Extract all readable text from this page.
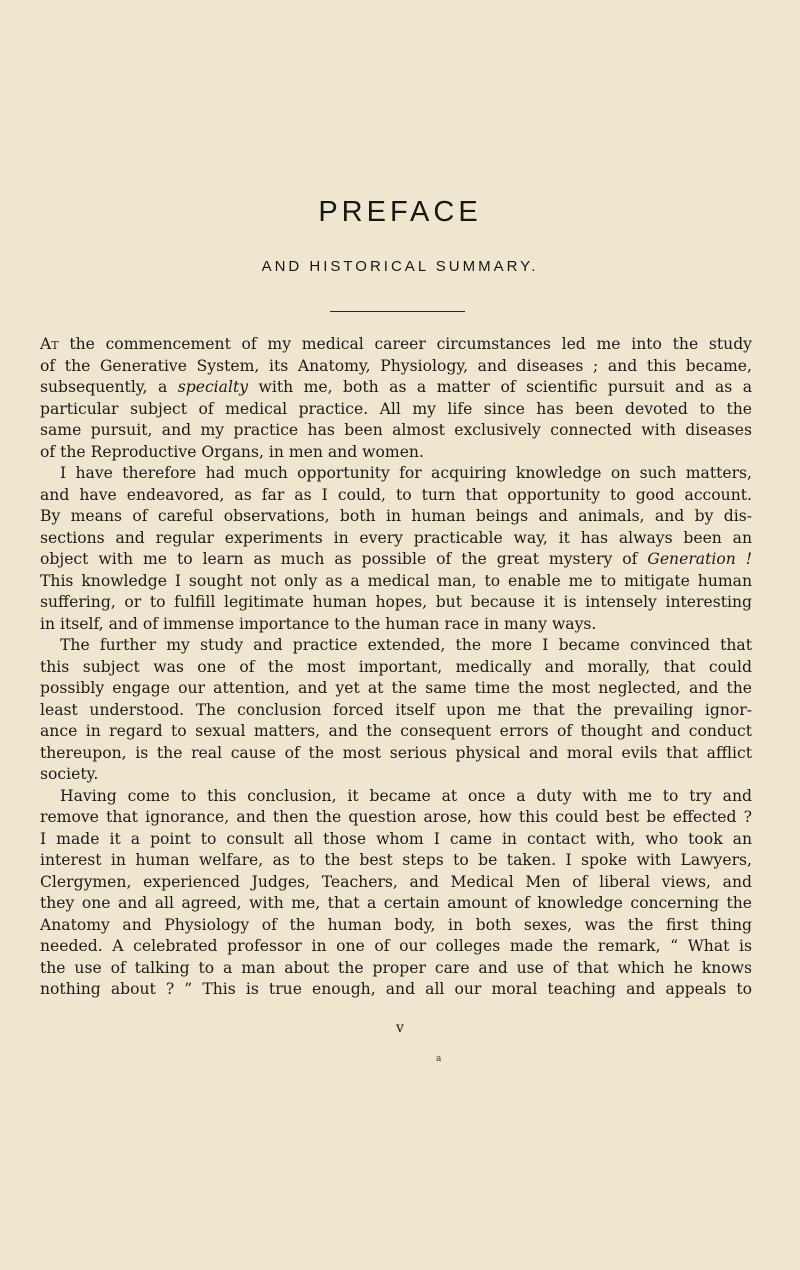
PREFACE
AND HISTORICAL SUMMARY.
At the commencement of my medical career circumstances led me into the study
of the Generative System, its Anatomy, Physiology, and diseases ; and this became,
subsequently, a specialty with me, both as a matter of scientific pursuit and as a
particular subject of medical practice. All my life since has been devoted to the
same pursuit, and my practice has been almost exclusively connected with diseases
of the Reproductive Organs, in men and women.
I have therefore had much opportunity for acquiring knowledge on such matters,
and have endeavored, as far as I could, to turn that opportunity to good account.
By means of careful observations, both in human beings and animals, and by dis-
sections and regular experiments in every practicable way, it has always been an
object with me to learn as much as possible of the great mystery of Generation !
This knowledge I sought not only as a medical man, to enable me to mitigate human
suffering, or to fulfill legitimate human hopes, but because it is intensely interesting
in itself, and of immense importance to the human race in many ways.
The further my study and practice extended, the more I became convinced that
this subject was one of the most important, medically and morally, that could
possibly engage our attention, and yet at the same time the most neglected, and the
least understood. The conclusion forced itself upon me that the prevailing ignor-
ance in regard to sexual matters, and the consequent errors of thought and conduct
thereupon, is the real cause of the most serious physical and moral evils that afflict
society.
Having come to this conclusion, it became at once a duty with me to try and
remove that ignorance, and then the question arose, how this could best be effected ?
I made it a point to consult all those whom I came in contact with, who took an
interest in human welfare, as to the best steps to be taken. I spoke with Lawyers,
Clergymen, experienced Judges, Teachers, and Medical Men of liberal views, and
they one and all agreed, with me, that a certain amount of knowledge concerning the
Anatomy and Physiology of the human body, in both sexes, was the first thing
needed. A celebrated professor in one of our colleges made the remark, “ What is
the use of talking to a man about the proper care and use of that which he knows
nothing about ? ” This is true enough, and all our moral teaching and appeals to
v
a
